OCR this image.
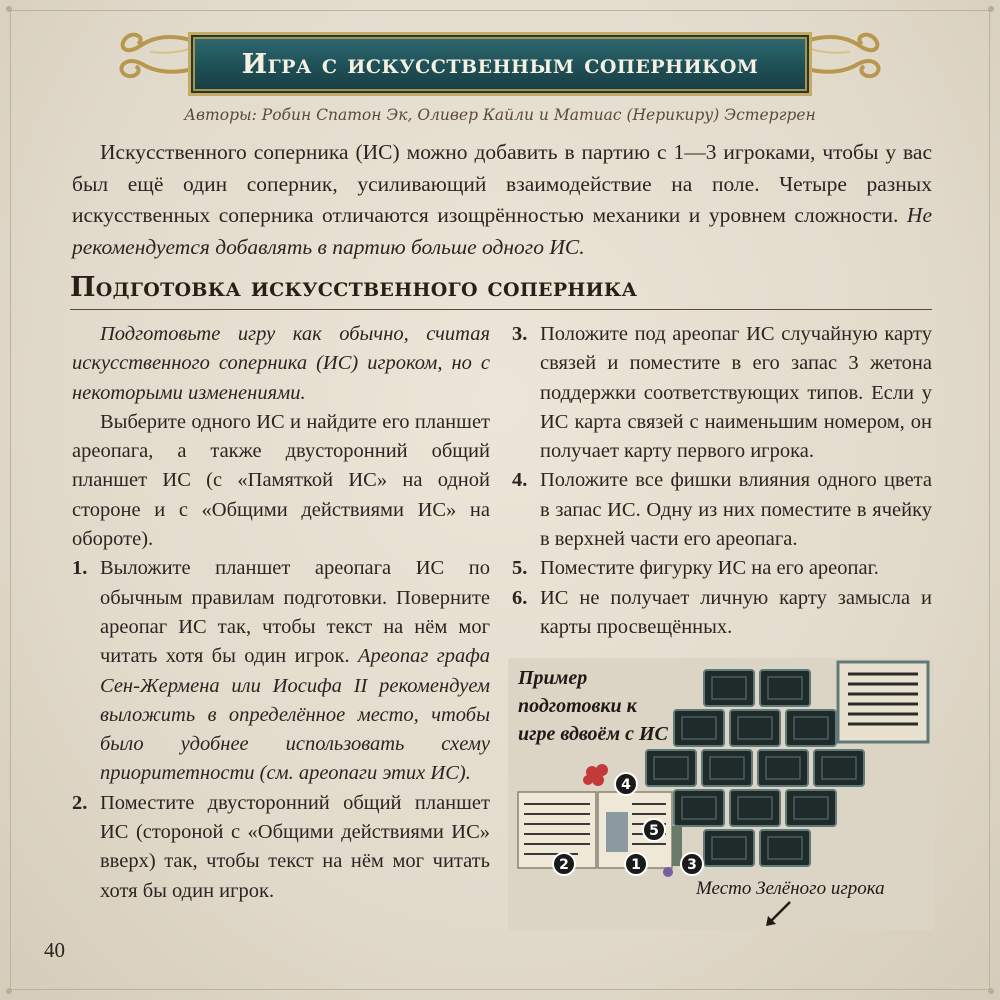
Игра с искусственным соперником
Авторы: Робин Спатон Эк, Оливер Кайли и Матиас (Нерикиру) Эстергрен
Искусственного соперника (ИС) можно добавить в партию с 1—3 игроками, чтобы у вас был ещё один соперник, усиливающий взаимодействие на поле. Четыре разных искусственных соперника отличаются изощрённостью механики и уровнем сложности. Не рекомендуется добавлять в партию больше одного ИС.
Подготовка искусственного соперника

Подготовьте игру как обычно, считая искусственного соперника (ИС) игроком, но с некоторыми изменениями.

Выберите одного ИС и найдите его планшет ареопага, а также двусторонний общий планшет ИС (с «Памяткой ИС» на одной стороне и с «Общими действиями ИС» на обороте).

1. Выложите планшет ареопага ИС по обычным правилам подготовки. Поверните ареопаг ИС так, чтобы текст на нём мог читать хотя бы один игрок. Ареопаг графа Сен-Жермена или Иосифа II рекомендуем выложить в определённое место, чтобы было удобнее использовать схему приоритетности (см. ареопаги этих ИС).
2. Поместите двусторонний общий планшет ИС (стороной с «Общими действиями ИС» вверх) так, чтобы текст на нём мог читать хотя бы один игрок.
3. Положите под ареопаг ИС случайную карту связей и поместите в его запас 3 жетона поддержки соответствующих типов. Если у ИС карта связей с наименьшим номером, он получает карту первого игрока.
4. Положите все фишки влияния одного цвета в запас ИС. Одну из них поместите в ячейку в верхней части его ареопага.
5. Поместите фигурку ИС на его ареопаг.
6. ИС не получает личную карту замысла и карты просвещённых.
1
2	3
4
5
Пример подготовки к игре вдвоём с ИС
Место Зелёного игрока
40
